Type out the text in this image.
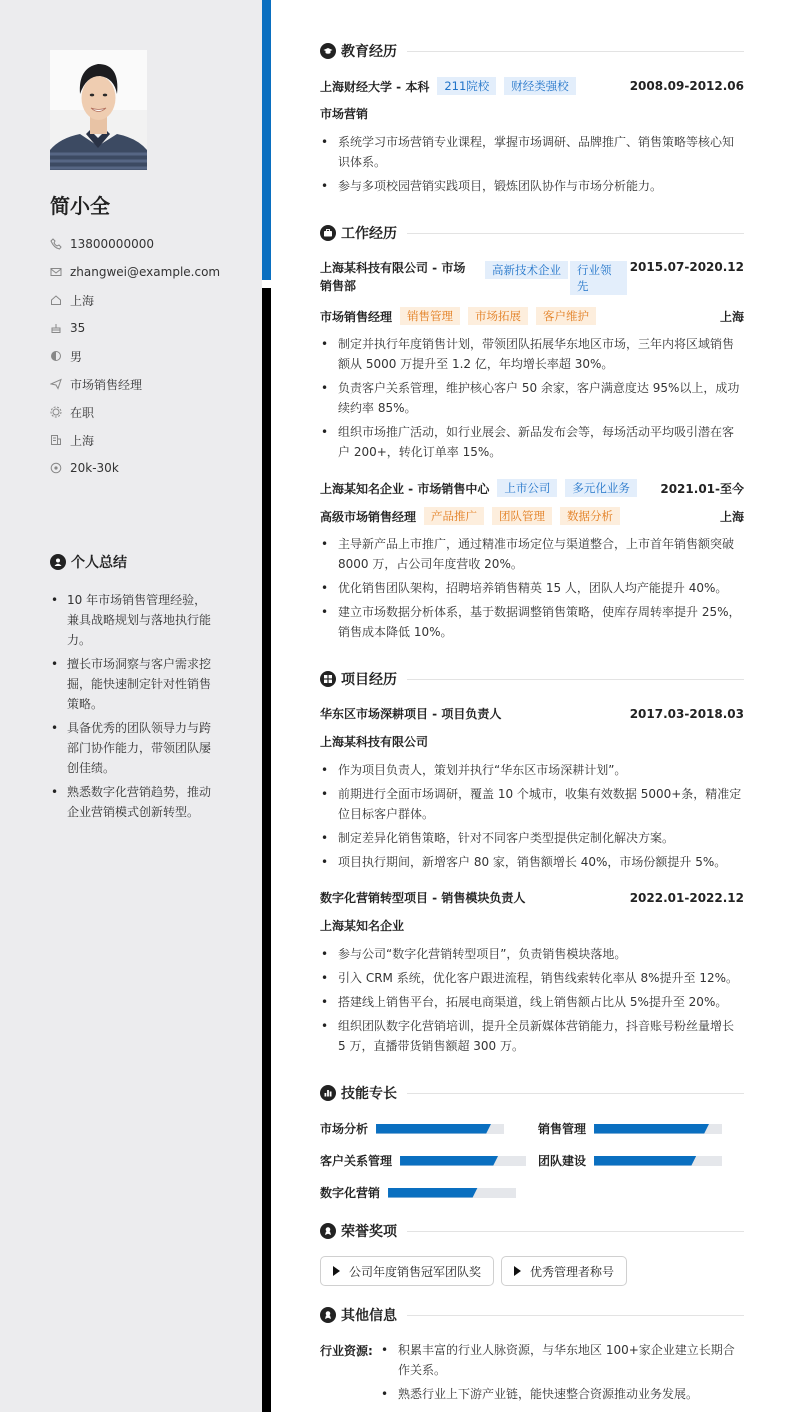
简小全
13800000000
zhangwei@example.com
上海
35
男
市场销售经理
在职
上海
20k-30k
个人总结
• 10 年市场销售管理经验，兼具战略规划与落地执行能力。
• 擅长市场洞察与客户需求挖掘，能快速制定针对性销售策略。
• 具备优秀的团队领导力与跨部门协作能力，带领团队屡创佳绩。
• 熟悉数字化营销趋势，推动企业营销模式创新转型。
教育经历
上海财经大学 - 本科	211院校	财经类强校	2008.09-2012.06
市场营销
• 系统学习市场营销专业课程，掌握市场调研、品牌推广、销售策略等核心知识体系。
• 参与多项校园营销实践项目，锻炼团队协作与市场分析能力。
工作经历
上海某科技有限公司 - 市场销售部
高新技术企业	行业领先
2015.07-2020.12
市场销售经理	销售管理	市场拓展	客户维护	上海
• 制定并执行年度销售计划，带领团队拓展华东地区市场，三年内将区域销售额从 5000 万提升至 1.2 亿，年均增长率超 30%。
• 负责客户关系管理，维护核心客户 50 余家，客户满意度达 95%以上，成功续约率 85%。
• 组织市场推广活动，如行业展会、新品发布会等，每场活动平均吸引潜在客户 200+，转化订单率 15%。
上海某知名企业 - 市场销售中心	上市公司	多元化业务	2021.01-至今
高级市场销售经理	产品推广	团队管理	数据分析	上海
• 主导新产品上市推广，通过精准市场定位与渠道整合，上市首年销售额突破 8000 万，占公司年度营收 20%。
• 优化销售团队架构，招聘培养销售精英 15 人，团队人均产能提升 40%。
• 建立市场数据分析体系，基于数据调整销售策略，使库存周转率提升 25%，销售成本降低 10%。
项目经历
华东区市场深耕项目 - 项目负责人	2017.03-2018.03
上海某科技有限公司
• 作为项目负责人，策划并执行“华东区市场深耕计划”。
• 前期进行全面市场调研，覆盖 10 个城市，收集有效数据 5000+条，精准定位目标客户群体。
• 制定差异化销售策略，针对不同客户类型提供定制化解决方案。
• 项目执行期间，新增客户 80 家，销售额增长 40%，市场份额提升 5%。
数字化营销转型项目 - 销售模块负责人	2022.01-2022.12
上海某知名企业
• 参与公司“数字化营销转型项目”，负责销售模块落地。
• 引入 CRM 系统，优化客户跟进流程，销售线索转化率从 8%提升至 12%。
• 搭建线上销售平台，拓展电商渠道，线上销售额占比从 5%提升至 20%。
• 组织团队数字化营销培训，提升全员新媒体营销能力，抖音账号粉丝量增长 5 万，直播带货销售额超 300 万。
技能专长
市场分析	销售管理
客户关系管理	团队建设
数字化营销
荣誉奖项
公司年度销售冠军团队奖	优秀管理者称号
其他信息
行业资源:
•	积累丰富的行业人脉资源，与华东地区 100+家企业建立长期合作关系。
• 熟悉行业上下游产业链，能快速整合资源推动业务发展。
